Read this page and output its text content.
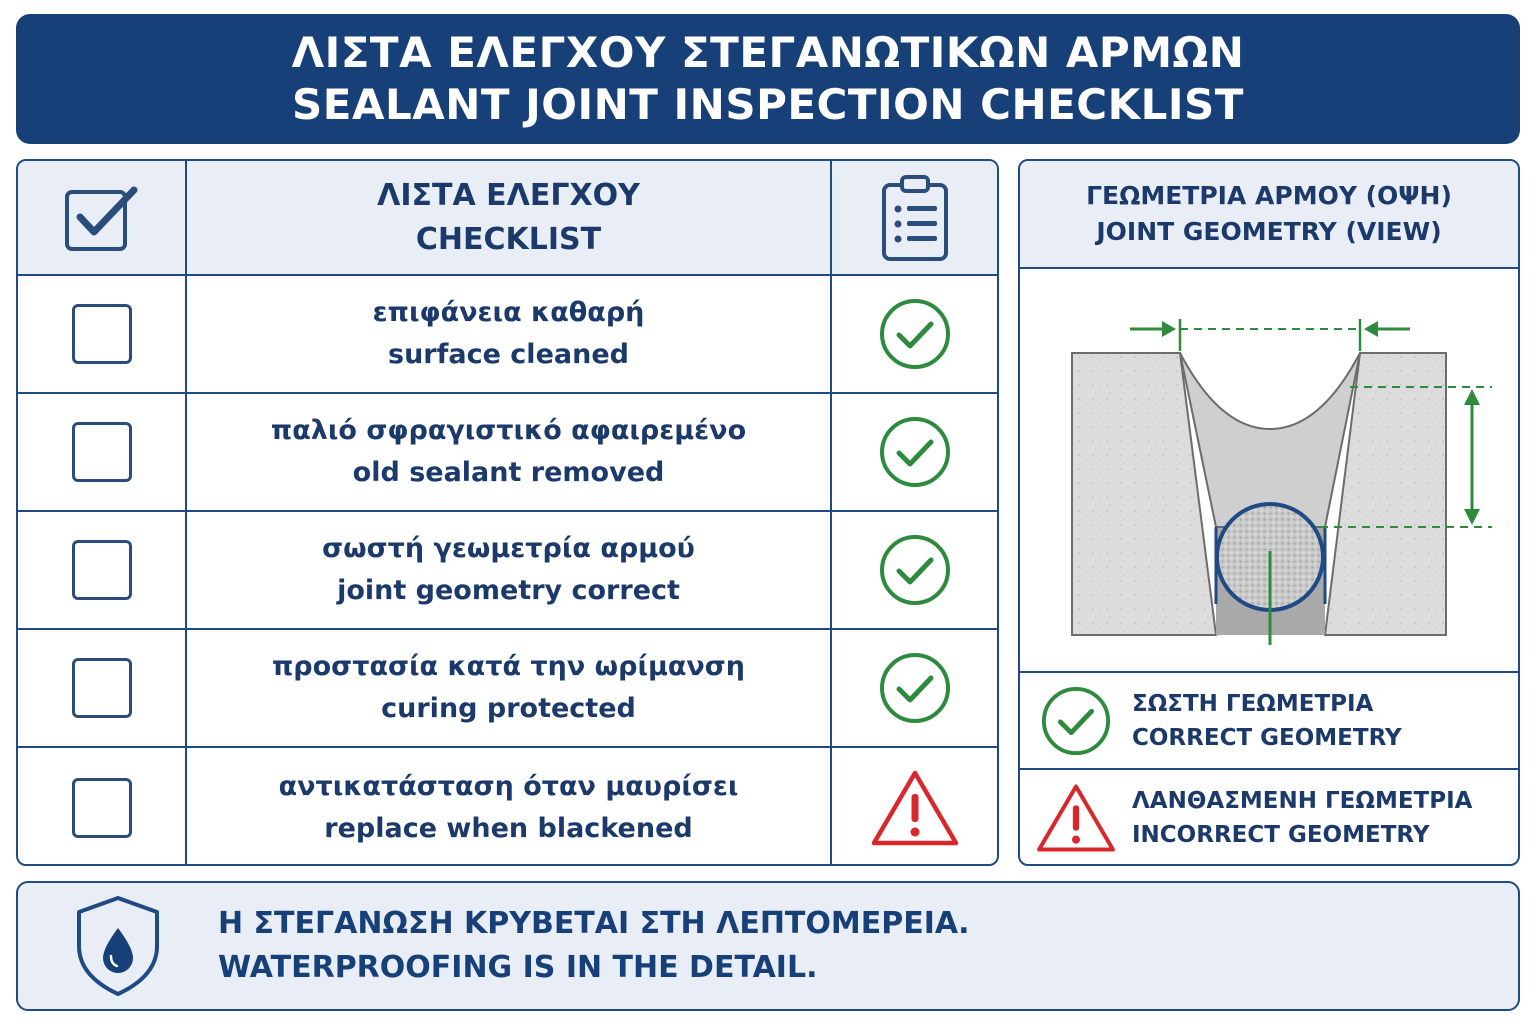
ΛΙΣΤΑ ΕΛΕΓΧΟΥ ΣΤΕΓΑΝΩΤΙΚΩΝ ΑΡΜΩΝ
SEALANT JOINT INSPECTION CHECKLIST
ΛΙΣΤΑ ΕΛΕΓΧΟΥ
CHECKLIST
επιφάνεια καθαρή
surface cleaned
παλιό σφραγιστικό αφαιρεμένο
old sealant removed
σωστή γεωμετρία αρμού
joint geometry correct
προστασία κατά την ωρίμανση
curing protected
αντικατάσταση όταν μαυρίσει
replace when blackened
ΓΕΩΜΕΤΡΙΑ ΑΡΜΟΥ (ΟΨΗ)
JOINT GEOMETRY (VIEW)
ΣΩΣΤΗ ΓΕΩΜΕΤΡΙΑ
CORRECT GEOMETRY
ΛΑΝΘΑΣΜΕΝΗ ΓΕΩΜΕΤΡΙΑ
INCORRECT GEOMETRY
Η ΣΤΕΓΑΝΩΣΗ ΚΡΥΒΕΤΑΙ ΣΤΗ ΛΕΠΤΟΜΕΡΕΙΑ.
WATERPROOFING IS IN THE DETAIL.
